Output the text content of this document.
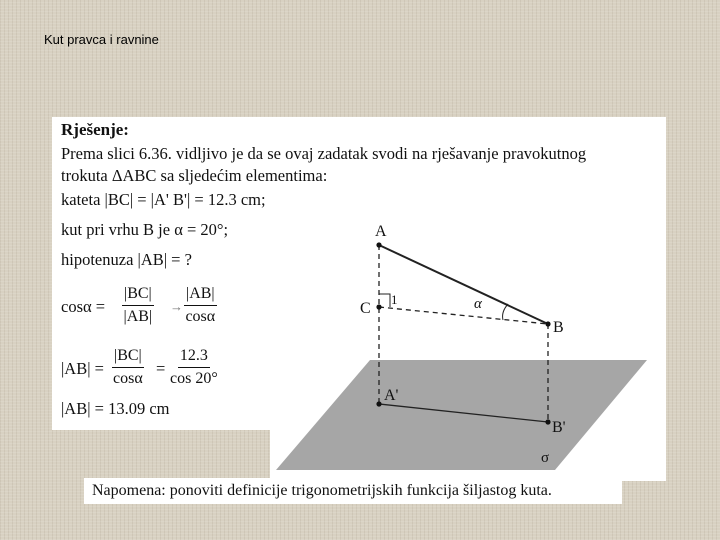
Kut pravca i ravnine
Rješenje:
Prema slici 6.36. vidljivo je da se ovaj zadatak svodi na rješavanje pravokutnog
trokuta ΔABC sa sljedećim elementima:
kateta |BC| = |A' B'| = 12.3 cm;
kut pri vrhu B je α = 20°;
hipotenuza |AB| = ?
$\cos\alpha = \frac{|BC|}{|AB|} \to \frac{|AB|}{\cos\alpha}$
$|AB| = \frac{|BC|}{\cos\alpha} = \frac{12.3}{\cos 20^\circ}$
|AB| = 13.09 cm
A
C
1	α
B
A'
B'
σ
Napomena: ponoviti definicije trigonometrijskih funkcija šiljastog kuta.
